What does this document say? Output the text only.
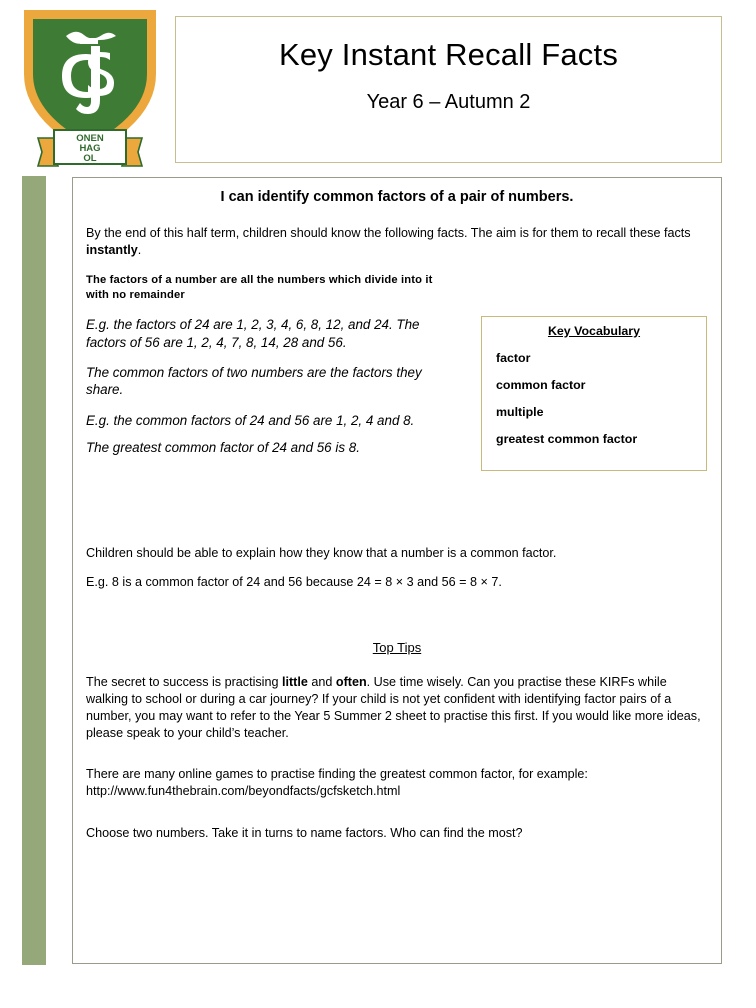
ONEN
HAG
OL
Key Instant Recall Facts
Year 6 – Autumn 2
I can identify common factors of a pair of numbers.

By the end of this half term, children should know the following facts. The aim is for them to recall these facts instantly.

The factors of a number are all the numbers which divide into it with no remainder

E.g. the factors of 24 are 1, 2, 3, 4, 6, 8, 12, and 24. The factors of 56 are 1, 2, 4, 7, 8, 14, 28 and 56.

The common factors of two numbers are the factors they share.

E.g. the common factors of 24 and 56 are 1, 2, 4 and 8.

The greatest common factor of 24 and 56 is 8.

Key Vocabulary
factor
common factor
multiple
greatest common factor

Children should be able to explain how they know that a number is a common factor.

E.g. 8 is a common factor of 24 and 56 because 24 = 8 × 3 and 56 = 8 × 7.

Top Tips

The secret to success is practising little and often. Use time wisely. Can you practise these KIRFs while walking to school or during a car journey? If your child is not yet confident with identifying factor pairs of a number, you may want to refer to the Year 5 Summer 2 sheet to practise this first. If you would like more ideas, please speak to your child’s teacher.

There are many online games to practise finding the greatest common factor, for example:
http://www.fun4thebrain.com/beyondfacts/gcfsketch.html

Choose two numbers. Take it in turns to name factors. Who can find the most?
